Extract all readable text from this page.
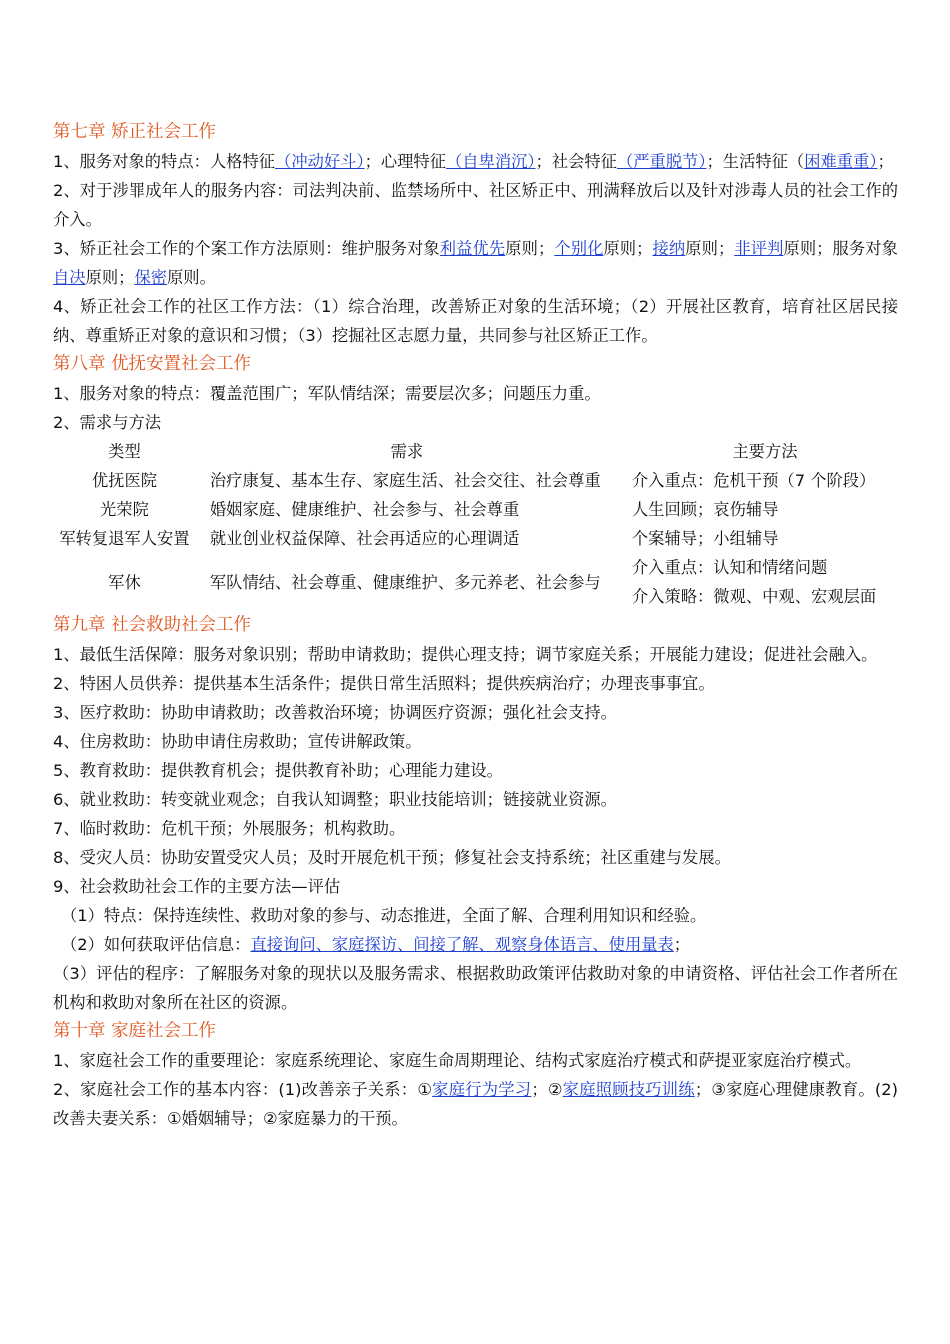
第七章 矫正社会工作

1、服务对象的特点：人格特征（冲动好斗）；心理特征（自卑消沉）；社会特征（严重脱节）；生活特征（困难重重）；

2、对于涉罪成年人的服务内容：司法判决前、监禁场所中、社区矫正中、刑满释放后以及针对涉毒人员的社会工作的介入。

3、矫正社会工作的个案工作方法原则：维护服务对象利益优先原则；个别化原则；接纳原则；非评判原则；服务对象自决原则；保密原则。

4、矫正社会工作的社区工作方法：（1）综合治理，改善矫正对象的生活环境；（2）开展社区教育，培育社区居民接纳、尊重矫正对象的意识和习惯；（3）挖掘社区志愿力量，共同参与社区矫正工作。

第八章 优抚安置社会工作

1、服务对象的特点：覆盖范围广；军队情结深；需要层次多；问题压力重。

2、需求与方法

类型	需求	主要方法
优抚医院	治疗康复、基本生存、家庭生活、社会交往、社会尊重	介入重点：危机干预（7 个阶段）
光荣院	婚姻家庭、健康维护、社会参与、社会尊重	人生回顾；哀伤辅导
军转复退军人安置	就业创业权益保障、社会再适应的心理调适	个案辅导；小组辅导
军休	军队情结、社会尊重、健康维护、多元养老、社会参与	介入重点：认知和情绪问题
介入策略：微观、中观、宏观层面
第九章 社会救助社会工作

1、最低生活保障：服务对象识别；帮助申请救助；提供心理支持；调节家庭关系；开展能力建设；促进社会融入。

2、特困人员供养：提供基本生活条件；提供日常生活照料；提供疾病治疗；办理丧事事宜。

3、医疗救助：协助申请救助；改善救治环境；协调医疗资源；强化社会支持。

4、住房救助：协助申请住房救助；宣传讲解政策。

5、教育救助：提供教育机会；提供教育补助；心理能力建设。

6、就业救助：转变就业观念；自我认知调整；职业技能培训；链接就业资源。

7、临时救助：危机干预；外展服务；机构救助。

8、受灾人员：协助安置受灾人员；及时开展危机干预；修复社会支持系统；社区重建与发展。

9、社会救助社会工作的主要方法—评估

（1）特点：保持连续性、救助对象的参与、动态推进，全面了解、合理利用知识和经验。

（2）如何获取评估信息：直接询问、家庭探访、间接了解、观察身体语言、使用量表；

（3）评估的程序：了解服务对象的现状以及服务需求、根据救助政策评估救助对象的申请资格、评估社会工作者所在机构和救助对象所在社区的资源。

第十章 家庭社会工作

1、家庭社会工作的重要理论：家庭系统理论、家庭生命周期理论、结构式家庭治疗模式和萨提亚家庭治疗模式。

2、家庭社会工作的基本内容：(1)改善亲子关系：①家庭行为学习；②家庭照顾技巧训练；③家庭心理健康教育。(2)改善夫妻关系：①婚姻辅导；②家庭暴力的干预。
